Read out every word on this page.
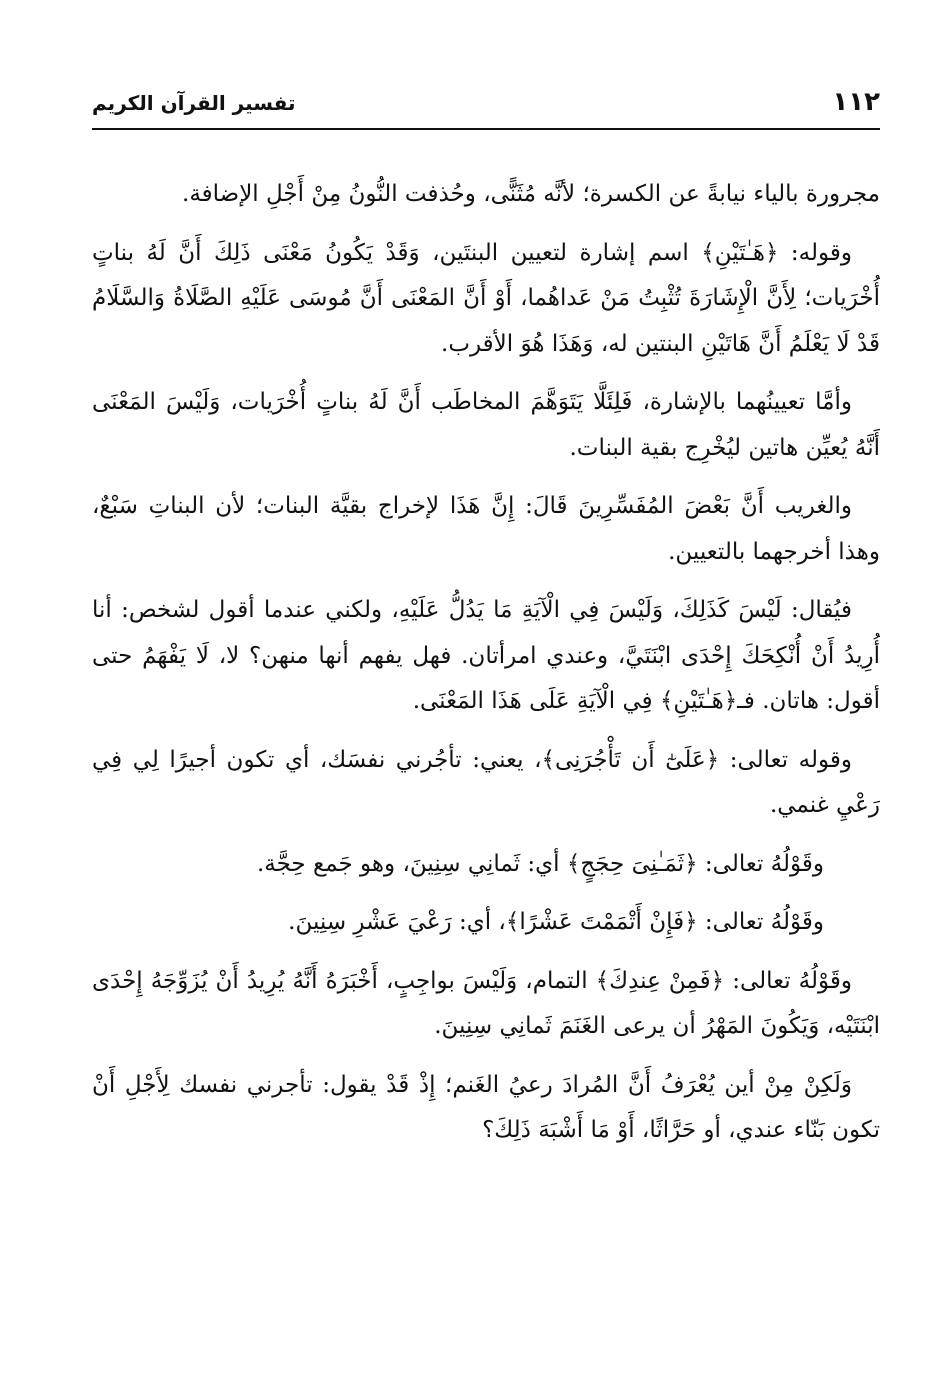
١١٢
تفسير القرآن الكريم

مجرورة بالياء نيابةً عن الكسرة؛ لأنَّه مُثَنًّى، وحُذفت النُّونُ مِنْ أَجْلِ الإضافة.

وقوله: ﴿هَـٰتَيْنِ﴾ اسم إشارة لتعيين البنتَين، وَقَدْ يَكُونُ مَعْنَى ذَلِكَ أَنَّ لَهُ بناتٍ أُخْرَيات؛ لِأَنَّ الْإِشَارَةَ تُثْبِتُ مَنْ عَداهُما، أَوْ أَنَّ المَعْنَى أَنَّ مُوسَى عَلَيْهِ الصَّلَاةُ وَالسَّلَامُ قَدْ لَا يَعْلَمُ أَنَّ هَاتَيْنِ البنتين له، وَهَذَا هُوَ الأقرب.

وأمَّا تعيينُهما بالإشارة، فَلِئَلَّا يَتَوَهَّمَ المخاطَب أَنَّ لَهُ بناتٍ أُخْرَيات، وَلَيْسَ المَعْنَى أَنَّهُ يُعيِّن هاتين ليُخْرِج بقية البنات.

والغريب أَنَّ بَعْضَ المُفَسِّرِينَ قَالَ: إِنَّ هَذَا لإخراج بقيَّة البنات؛ لأن البناتِ سَبْعٌ، وهذا أخرجهما بالتعيين.

فيُقال: لَيْسَ كَذَلِكَ، وَلَيْسَ فِي الْآيَةِ مَا يَدُلُّ عَلَيْهِ، ولكني عندما أقول لشخص: أنا أُرِيدُ أَنْ أُنْكِحَكَ إِحْدَى ابْنَتَيَّ، وعندي امرأتان. فهل يفهم أنها منهن؟ لا، لَا يَفْهَمُ حتى أقول: هاتان. فـ﴿هَـٰتَيْنِ﴾ فِي الْآيَةِ عَلَى هَذَا المَعْنَى.

وقوله تعالى: ﴿عَلَىٰٓ أَن تَأْجُرَنِى﴾، يعني: تأجُرني نفسَك، أي تكون أجيرًا لِي فِي رَعْيِ غنمي.

وقَوْلُهُ تعالى: ﴿ثَمَـٰنِىَ حِجَجٍ﴾ أي: ثَمانِي سِنِينَ، وهو جَمع حِجَّة.

وقَوْلُهُ تعالى: ﴿فَإِنْ أَتْمَمْتَ عَشْرًا﴾، أي: رَعْيَ عَشْرِ سِنِينَ.

وقَوْلُهُ تعالى: ﴿فَمِنْ عِندِكَ﴾ التمام، وَلَيْسَ بواجِبٍ، أَخْبَرَهُ أَنَّهُ يُرِيدُ أَنْ يُزَوِّجَهُ إِحْدَى ابْنَتَيْه، وَيَكُونَ المَهْرُ أن يرعى الغَنَمَ ثَمانِي سِنِينَ.

وَلَكِنْ مِنْ أين يُعْرَفُ أَنَّ المُرادَ رعيُ الغَنم؛ إِذْ قَدْ يقول: تأجرني نفسك لِأَجْلِ أَنْ تكون بَنّاء عندي، أو حَرَّاثًا، أَوْ مَا أَشْبَهَ ذَلِكَ؟
